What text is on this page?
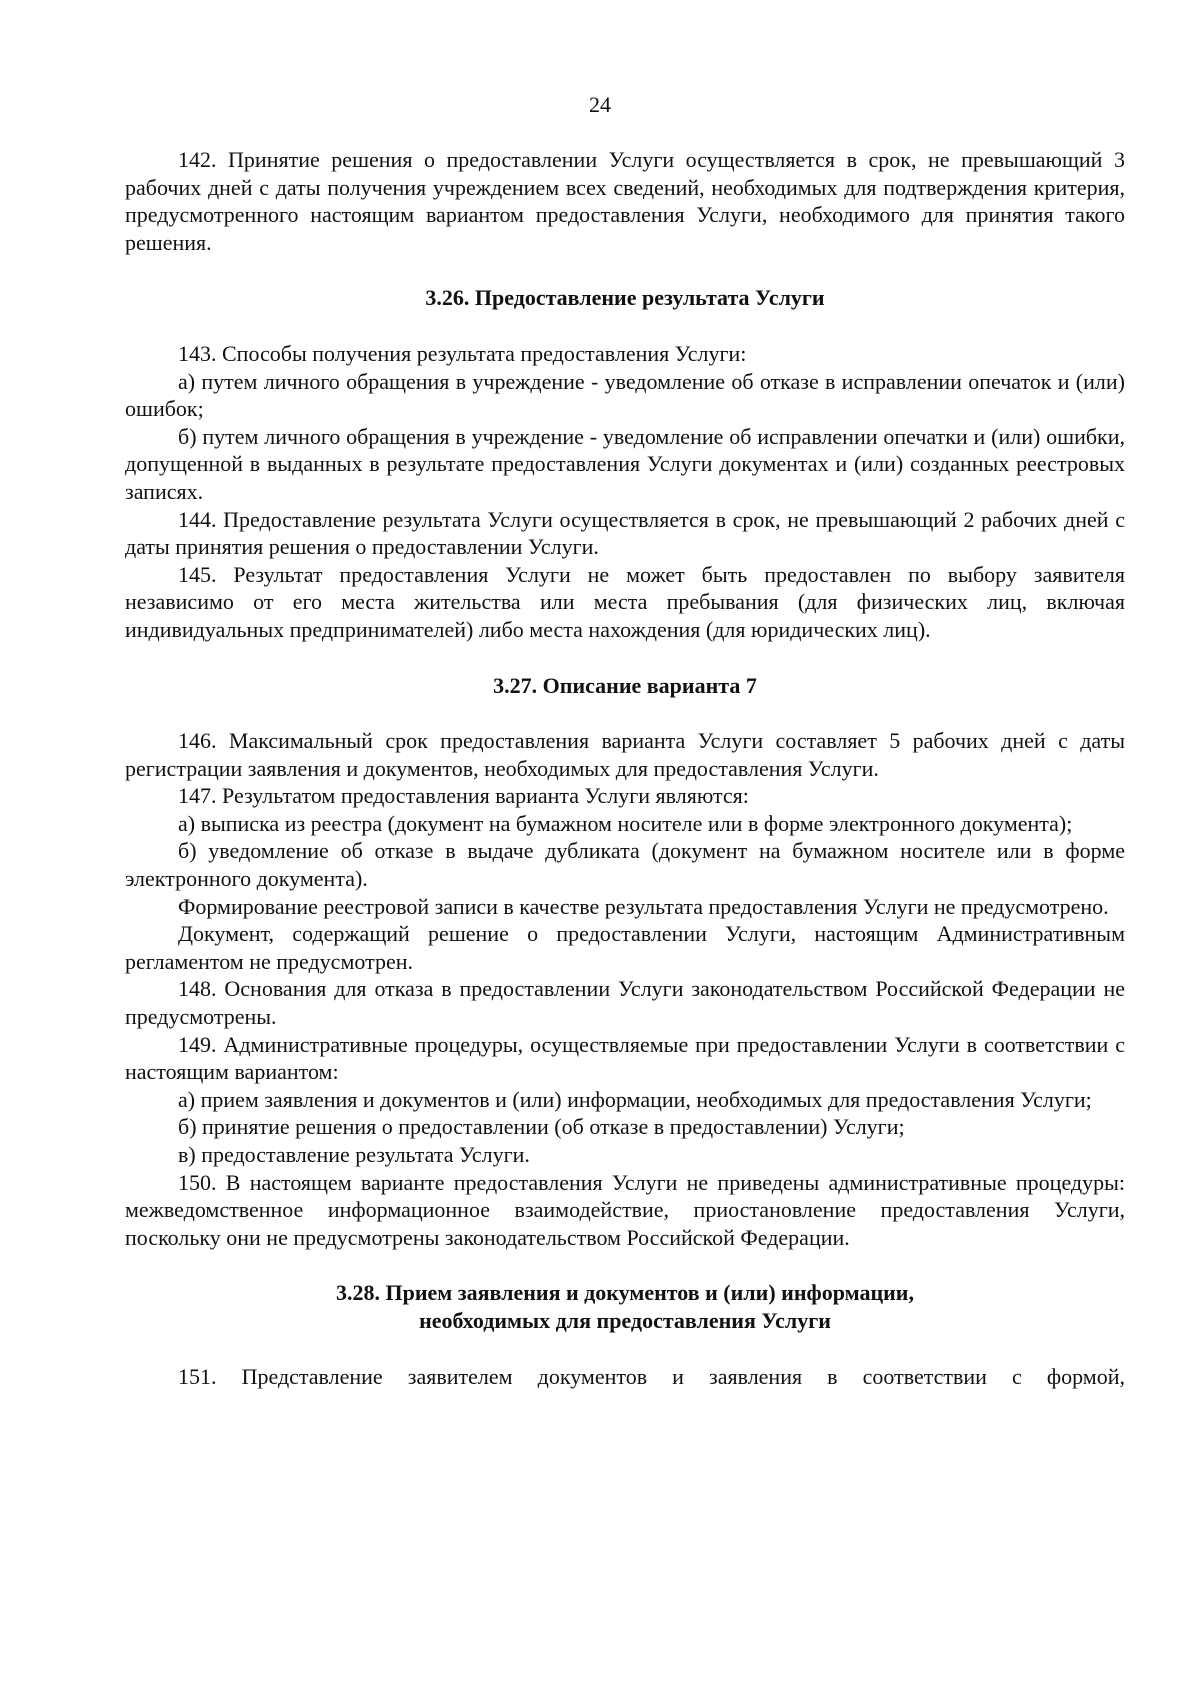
24

142. Принятие решения о предоставлении Услуги осуществляется в срок, не превышающий 3 рабочих дней с даты получения учреждением всех сведений, необходимых для подтверждения критерия, предусмотренного настоящим вариантом предоставления Услуги, необходимого для принятия такого решения.

3.26. Предоставление результата Услуги

143. Способы получения результата предоставления Услуги:

а) путем личного обращения в учреждение - уведомление об отказе в исправлении опечаток и (или) ошибок;

б) путем личного обращения в учреждение - уведомление об исправлении опечатки и (или) ошибки, допущенной в выданных в результате предоставления Услуги документах и (или) созданных реестровых записях.

144. Предоставление результата Услуги осуществляется в срок, не превышающий 2 рабочих дней с даты принятия решения о предоставлении Услуги.

145. Результат предоставления Услуги не может быть предоставлен по выбору заявителя независимо от его места жительства или места пребывания (для физических лиц, включая индивидуальных предпринимателей) либо места нахождения (для юридических лиц).

3.27. Описание варианта 7

146. Максимальный срок предоставления варианта Услуги составляет 5 рабочих дней с даты регистрации заявления и документов, необходимых для предоставления Услуги.

147. Результатом предоставления варианта Услуги являются:

а) выписка из реестра (документ на бумажном носителе или в форме электронного документа);

б) уведомление об отказе в выдаче дубликата (документ на бумажном носителе или в форме электронного документа).

Формирование реестровой записи в качестве результата предоставления Услуги не предусмотрено.

Документ, содержащий решение о предоставлении Услуги, настоящим Административным регламентом не предусмотрен.

148. Основания для отказа в предоставлении Услуги законодательством Российской Федерации не предусмотрены.

149. Административные процедуры, осуществляемые при предоставлении Услуги в соответствии с настоящим вариантом:

а) прием заявления и документов и (или) информации, необходимых для предоставления Услуги;

б) принятие решения о предоставлении (об отказе в предоставлении) Услуги;

в) предоставление результата Услуги.

150. В настоящем варианте предоставления Услуги не приведены административные процедуры: межведомственное информационное взаимодействие, приостановление предоставления Услуги, поскольку они не предусмотрены законодательством Российской Федерации.

3.28. Прием заявления и документов и (или) информации,
необходимых для предоставления Услуги

151. Представление заявителем документов и заявления в соответствии с формой,
